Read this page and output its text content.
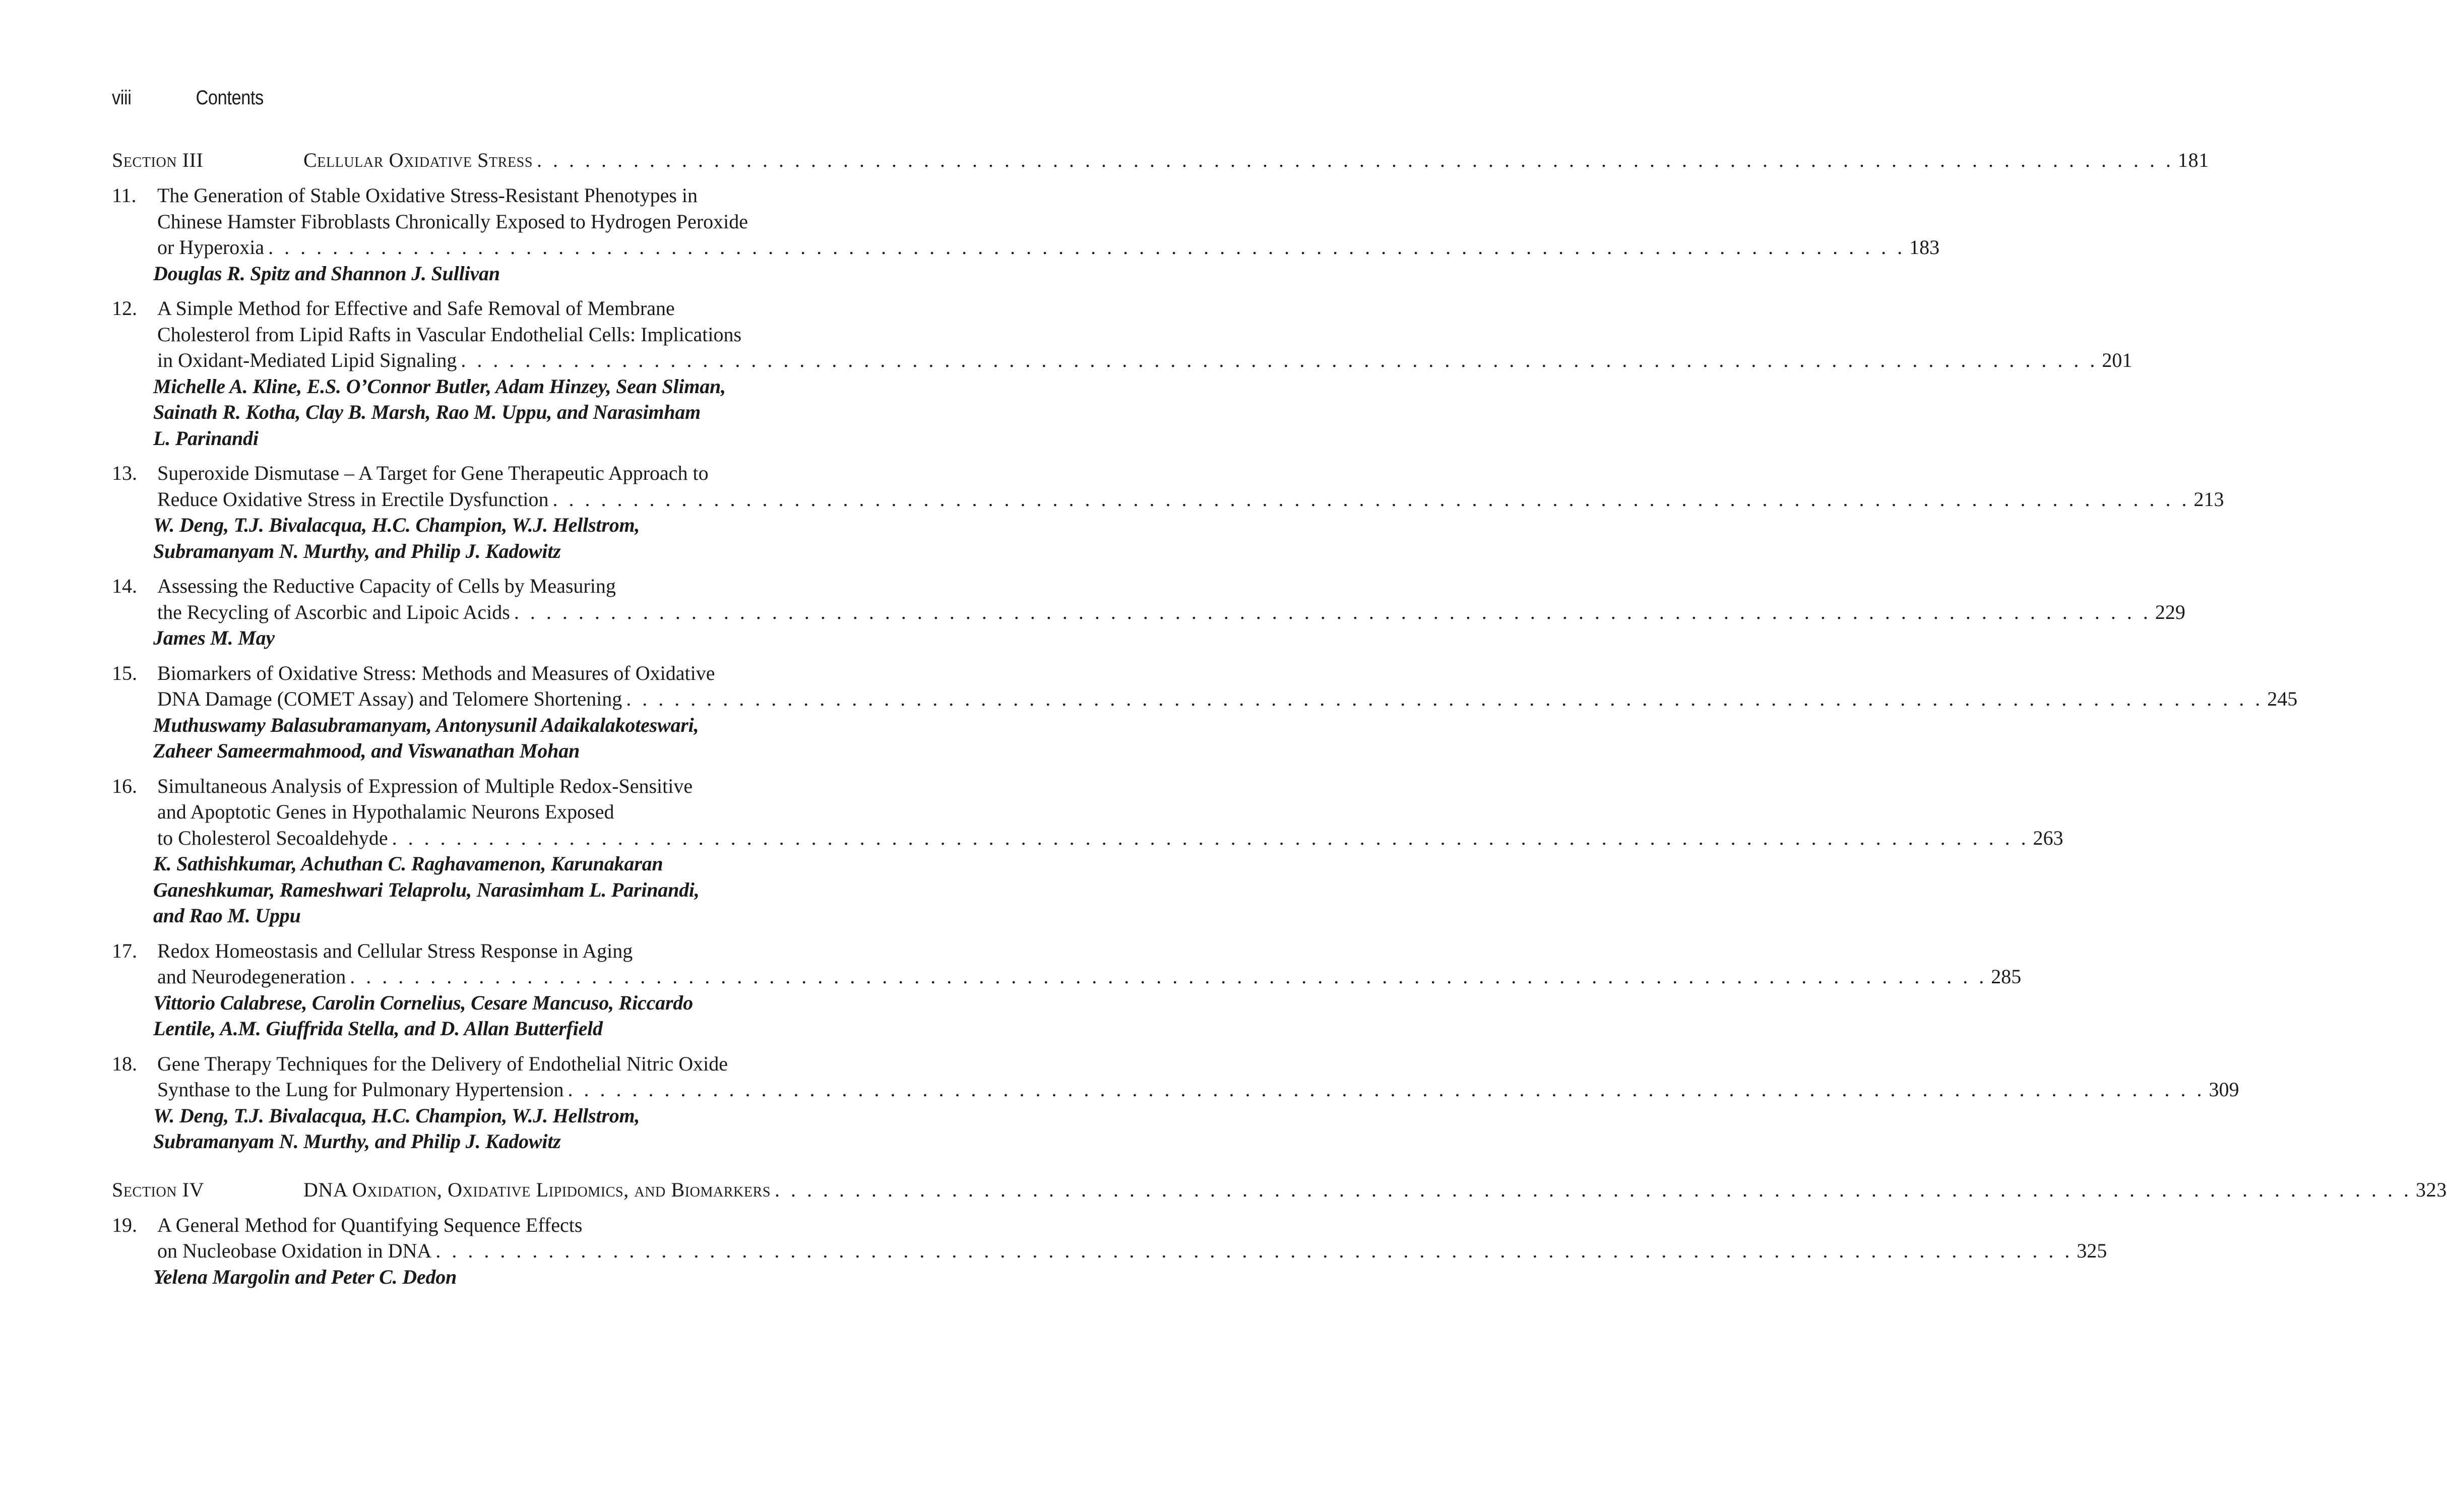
viii	Contents
Section III	Cellular Oxidative Stress . . .	181
11.	The Generation of Stable Oxidative Stress-Resistant Phenotypes in
Chinese Hamster Fibroblasts Chronically Exposed to Hydrogen Peroxide
or Hyperoxia . . .	183
Douglas R. Spitz and Shannon J. Sullivan
12.	A Simple Method for Effective and Safe Removal of Membrane
Cholesterol from Lipid Rafts in Vascular Endothelial Cells: Implications
in Oxidant-Mediated Lipid Signaling . . .	201
Michelle A. Kline, E.S. O’Connor Butler, Adam Hinzey, Sean Sliman,
Sainath R. Kotha, Clay B. Marsh, Rao M. Uppu, and Narasimham
L. Parinandi
13.	Superoxide Dismutase – A Target for Gene Therapeutic Approach to
Reduce Oxidative Stress in Erectile Dysfunction . . .	213
W. Deng, T.J. Bivalacqua, H.C. Champion, W.J. Hellstrom,
Subramanyam N. Murthy, and Philip J. Kadowitz
14.	Assessing the Reductive Capacity of Cells by Measuring
the Recycling of Ascorbic and Lipoic Acids . . .	229
James M. May
15.	Biomarkers of Oxidative Stress: Methods and Measures of Oxidative
DNA Damage (COMET Assay) and Telomere Shortening . . .	245
Muthuswamy Balasubramanyam, Antonysunil Adaikalakoteswari,
Zaheer Sameermahmood, and Viswanathan Mohan
16.	Simultaneous Analysis of Expression of Multiple Redox-Sensitive
and Apoptotic Genes in Hypothalamic Neurons Exposed
to Cholesterol Secoaldehyde . . .	263
K. Sathishkumar, Achuthan C. Raghavamenon, Karunakaran
Ganeshkumar, Rameshwari Telaprolu, Narasimham L. Parinandi,
and Rao M. Uppu
17.	Redox Homeostasis and Cellular Stress Response in Aging
and Neurodegeneration . . .	285
Vittorio Calabrese, Carolin Cornelius, Cesare Mancuso, Riccardo
Lentile, A.M. Giuffrida Stella, and D. Allan Butterfield
18.	Gene Therapy Techniques for the Delivery of Endothelial Nitric Oxide
Synthase to the Lung for Pulmonary Hypertension . . .	309
W. Deng, T.J. Bivalacqua, H.C. Champion, W.J. Hellstrom,
Subramanyam N. Murthy, and Philip J. Kadowitz
Section IV	DNA Oxidation, Oxidative Lipidomics, and Biomarkers . . .	323
19.	A General Method for Quantifying Sequence Effects
on Nucleobase Oxidation in DNA . . .	325
Yelena Margolin and Peter C. Dedon
